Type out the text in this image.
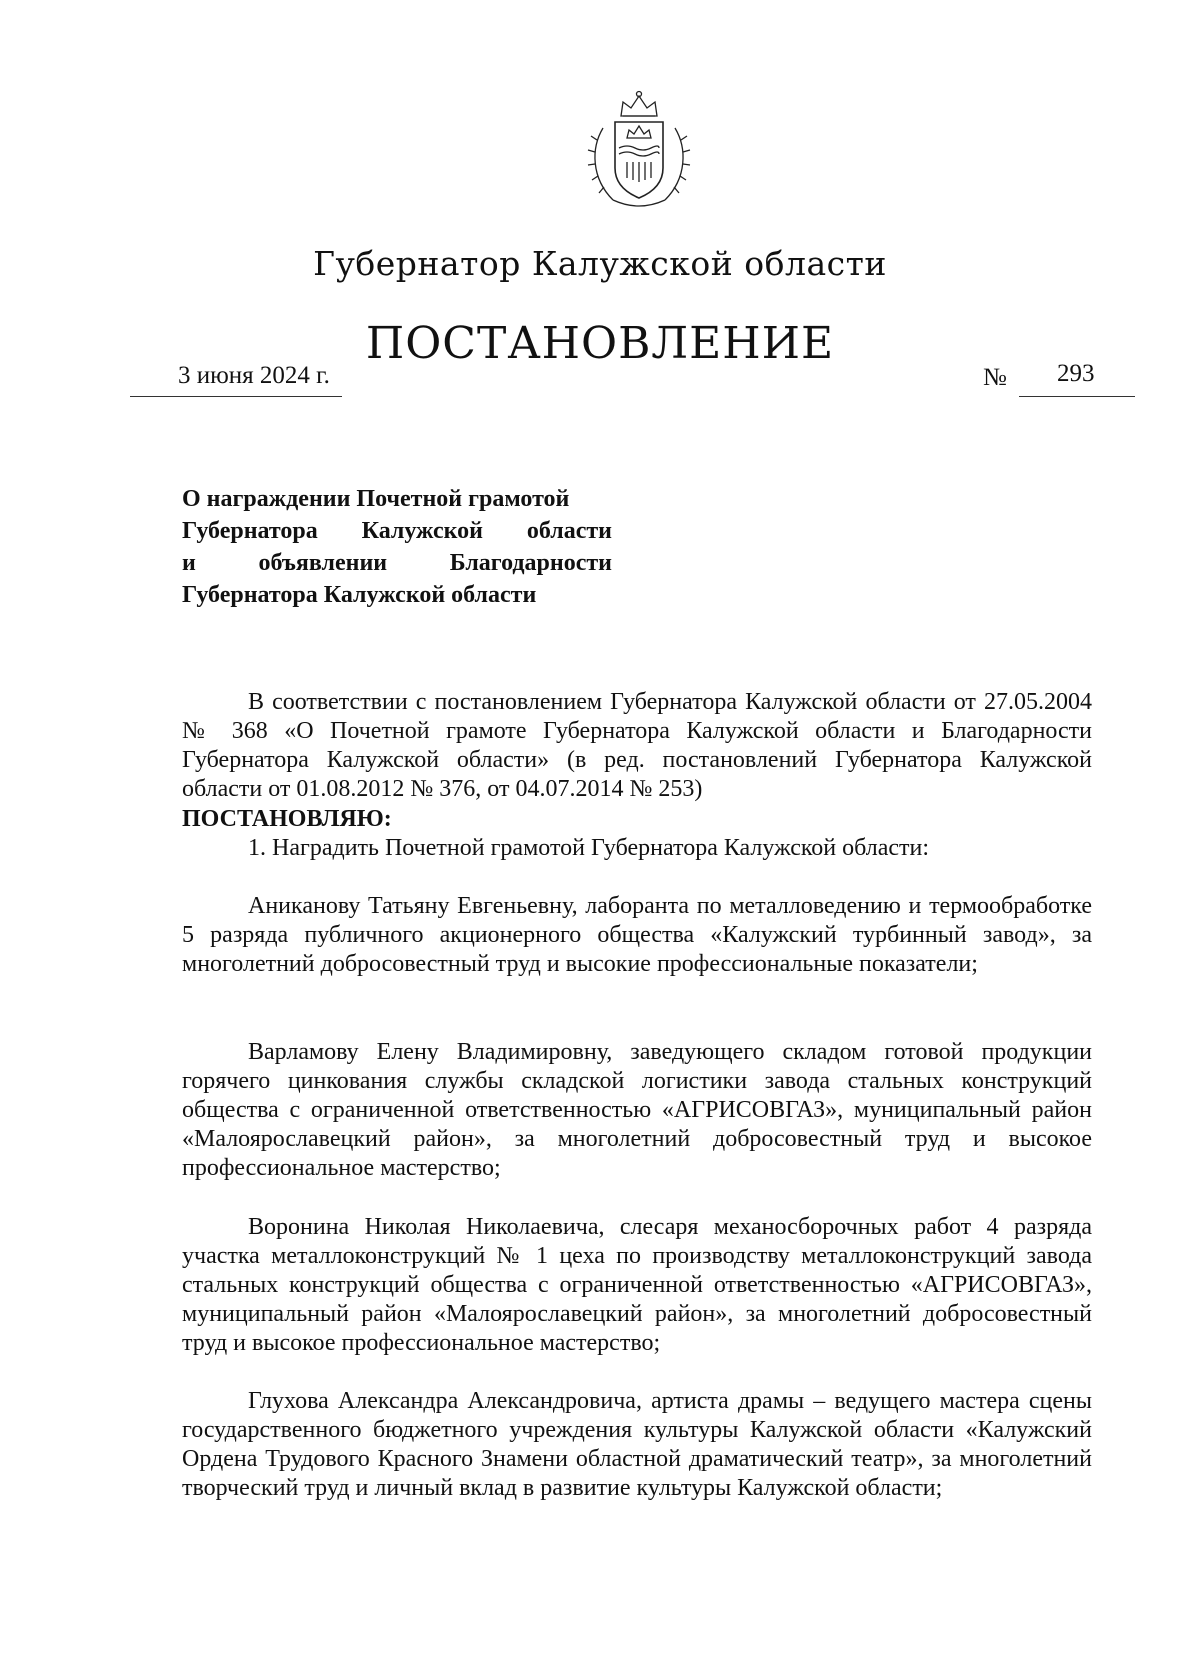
Губернатор Калужской области
ПОСТАНОВЛЕНИЕ
3 июня 2024 г.	№ 293
О награждении Почетной грамотой
Губернатора Калужской области
и объявлении Благодарности
Губернатора Калужской области

В соответствии с постановлением Губернатора Калужской области от 27.05.2004 № 368 «О Почетной грамоте Губернатора Калужской области и Благодарности Губернатора Калужской области» (в ред. постановлений Губернатора Калужской области от 01.08.2012 № 376, от 04.07.2014 № 253)

ПОСТАНОВЛЯЮ:
1. Наградить Почетной грамотой Губернатора Калужской области:

Аниканову Татьяну Евгеньевну, лаборанта по металловедению и термообработке 5 разряда публичного акционерного общества «Калужский турбинный завод», за многолетний добросовестный труд и высокие профессиональные показатели;

Варламову Елену Владимировну, заведующего складом готовой продукции горячего цинкования службы складской логистики завода стальных конструкций общества с ограниченной ответственностью «АГРИСОВГАЗ», муниципальный район «Малоярославецкий район», за многолетний добросовестный труд и высокое профессиональное мастерство;

Воронина Николая Николаевича, слесаря механосборочных работ 4 разряда участка металлоконструкций № 1 цеха по производству металлоконструкций завода стальных конструкций общества с ограниченной ответственностью «АГРИСОВГАЗ», муниципальный район «Малоярославецкий район», за многолетний добросовестный труд и высокое профессиональное мастерство;

Глухова Александра Александровича, артиста драмы – ведущего мастера сцены государственного бюджетного учреждения культуры Калужской области «Калужский Ордена Трудового Красного Знамени областной драматический театр», за многолетний творческий труд и личный вклад в развитие культуры Калужской области;
